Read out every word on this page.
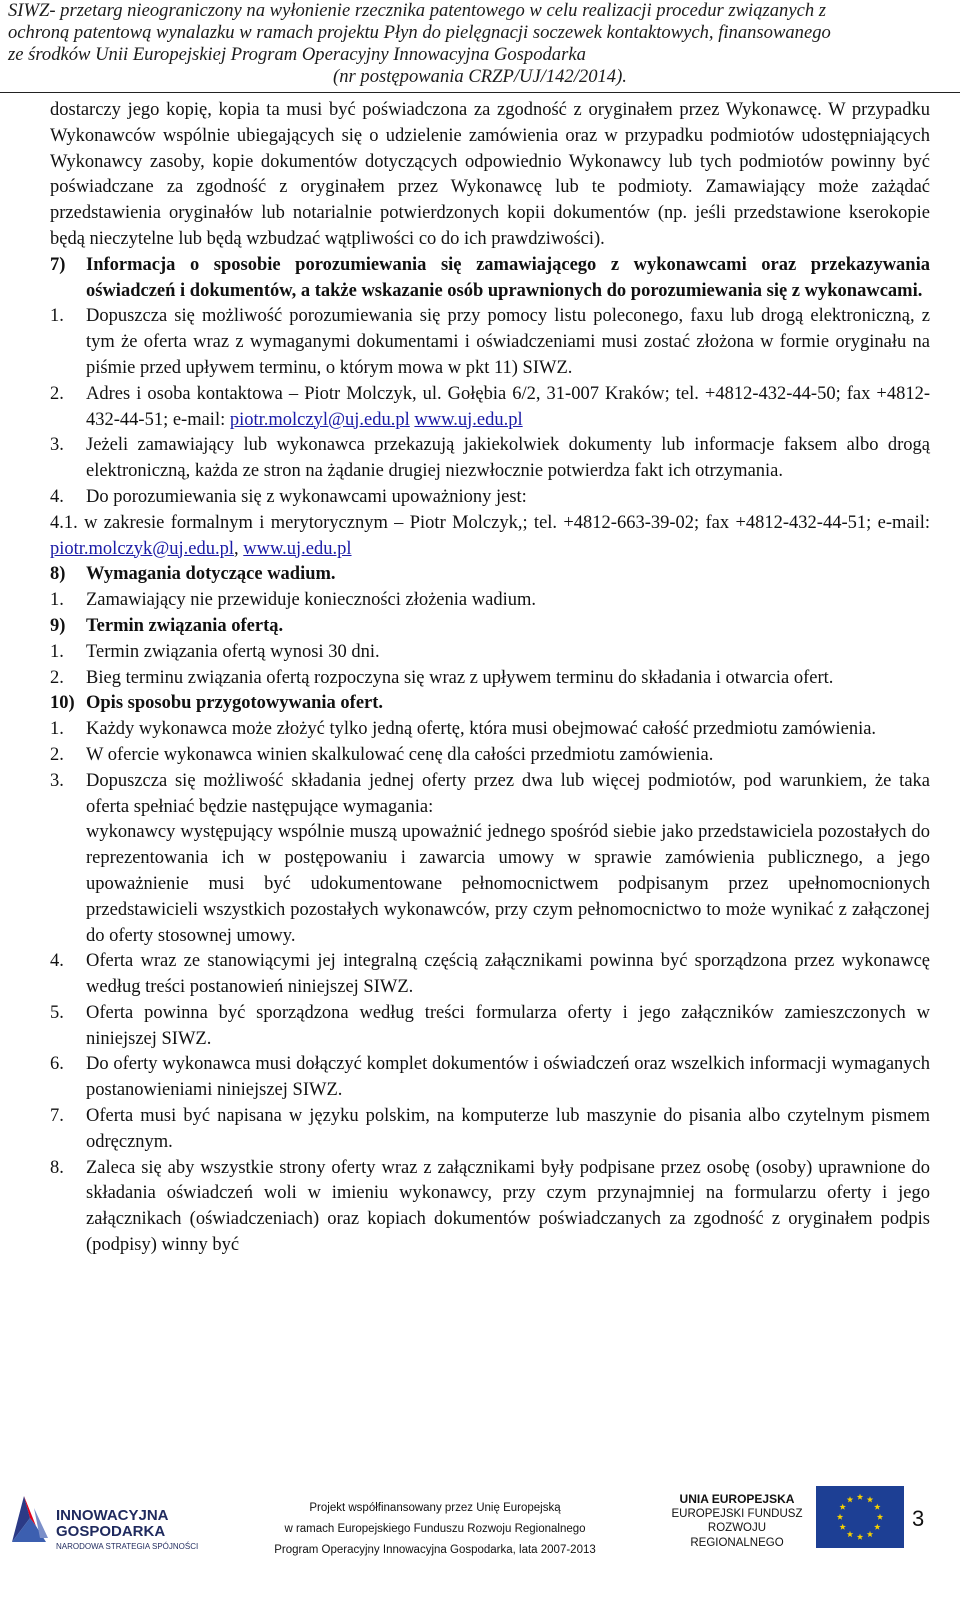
SIWZ- przetarg nieograniczony na wyłonienie rzecznika patentowego w celu realizacji procedur związanych z
ochroną patentową wynalazku w ramach projektu Płyn do pielęgnacji soczewek kontaktowych, finansowanego
ze środków Unii Europejskiej Program Operacyjny Innowacyjna Gospodarka
(nr postępowania CRZP/UJ/142/2014).

dostarczy jego kopię, kopia ta musi być poświadczona za zgodność z oryginałem przez Wykonawcę. W przypadku Wykonawców wspólnie ubiegających się o udzielenie zamówienia oraz w przypadku podmiotów udostępniających Wykonawcy zasoby, kopie dokumentów dotyczących odpowiednio Wykonawcy lub tych podmiotów powinny być poświadczane za zgodność z oryginałem przez Wykonawcę lub te podmioty. Zamawiający może zażądać przedstawienia oryginałów lub notarialnie potwierdzonych kopii dokumentów (np. jeśli przedstawione kserokopie będą nieczytelne lub będą wzbudzać wątpliwości co do ich prawdziwości).

7) Informacja o sposobie porozumiewania się zamawiającego z wykonawcami oraz przekazywania oświadczeń i dokumentów, a także wskazanie osób uprawnionych do porozumiewania się z wykonawcami.
1. Dopuszcza się możliwość porozumiewania się przy pomocy listu poleconego, faxu lub drogą elektroniczną, z tym że oferta wraz z wymaganymi dokumentami i oświadczeniami musi zostać złożona w formie oryginału na piśmie przed upływem terminu, o którym mowa w pkt 11) SIWZ.
2. Adres i osoba kontaktowa – Piotr Molczyk, ul. Gołębia 6/2, 31-007 Kraków; tel. +4812-432-44-50; fax +4812-432-44-51; e-mail: piotr.molczyl@uj.edu.pl www.uj.edu.pl
3. Jeżeli zamawiający lub wykonawca przekazują jakiekolwiek dokumenty lub informacje faksem albo drogą elektroniczną, każda ze stron na żądanie drugiej niezwłocznie potwierdza fakt ich otrzymania.
4. Do porozumiewania się z wykonawcami upoważniony jest:

4.1. w zakresie formalnym i merytorycznym – Piotr Molczyk,; tel. +4812-663-39-02; fax +4812-432-44-51; e-mail: piotr.molczyk@uj.edu.pl, www.uj.edu.pl

8) Wymagania dotyczące wadium.
1. Zamawiający nie przewiduje konieczności złożenia wadium.
9) Termin związania ofertą.
1. Termin związania ofertą wynosi 30 dni.
2. Bieg terminu związania ofertą rozpoczyna się wraz z upływem terminu do składania i otwarcia ofert.
10) Opis sposobu przygotowywania ofert.
1. Każdy wykonawca może złożyć tylko jedną ofertę, która musi obejmować całość przedmiotu zamówienia.
2. W ofercie wykonawca winien skalkulować cenę dla całości przedmiotu zamówienia.
3. Dopuszcza się możliwość składania jednej oferty przez dwa lub więcej podmiotów, pod warunkiem, że taka oferta spełniać będzie następujące wymagania:

wykonawcy występujący wspólnie muszą upoważnić jednego spośród siebie jako przedstawiciela pozostałych do reprezentowania ich w postępowaniu i zawarcia umowy w sprawie zamówienia publicznego, a jego upoważnienie musi być udokumentowane pełnomocnictwem podpisanym przez upełnomocnionych przedstawicieli wszystkich pozostałych wykonawców, przy czym pełnomocnictwo to może wynikać z załączonej do oferty stosownej umowy.

4. Oferta wraz ze stanowiącymi jej integralną częścią załącznikami powinna być sporządzona przez wykonawcę według treści postanowień niniejszej SIWZ.
5. Oferta powinna być sporządzona według treści formularza oferty i jego załączników zamieszczonych w niniejszej SIWZ.
6. Do oferty wykonawca musi dołączyć komplet dokumentów i oświadczeń oraz wszelkich informacji wymaganych postanowieniami niniejszej SIWZ.
7. Oferta musi być napisana w języku polskim, na komputerze lub maszynie do pisania albo czytelnym pismem odręcznym.
8. Zaleca się aby wszystkie strony oferty wraz z załącznikami były podpisane przez osobę (osoby) uprawnione do składania oświadczeń woli w imieniu wykonawcy, przy czym przynajmniej na formularzu oferty i jego załącznikach (oświadczeniach) oraz kopiach dokumentów poświadczanych za zgodność z oryginałem podpis (podpisy) winny być
INNOWACYJNA
GOSPODARKA
NARODOWA STRATEGIA SPÓJNOŚCI
Projekt współfinansowany przez Unię Europejską
w ramach Europejskiego Funduszu Rozwoju Regionalnego
Program Operacyjny Innowacyjna Gospodarka, lata 2007-2013
UNIA EUROPEJSKA
EUROPEJSKI FUNDUSZ
ROZWOJU REGIONALNEGO
3
